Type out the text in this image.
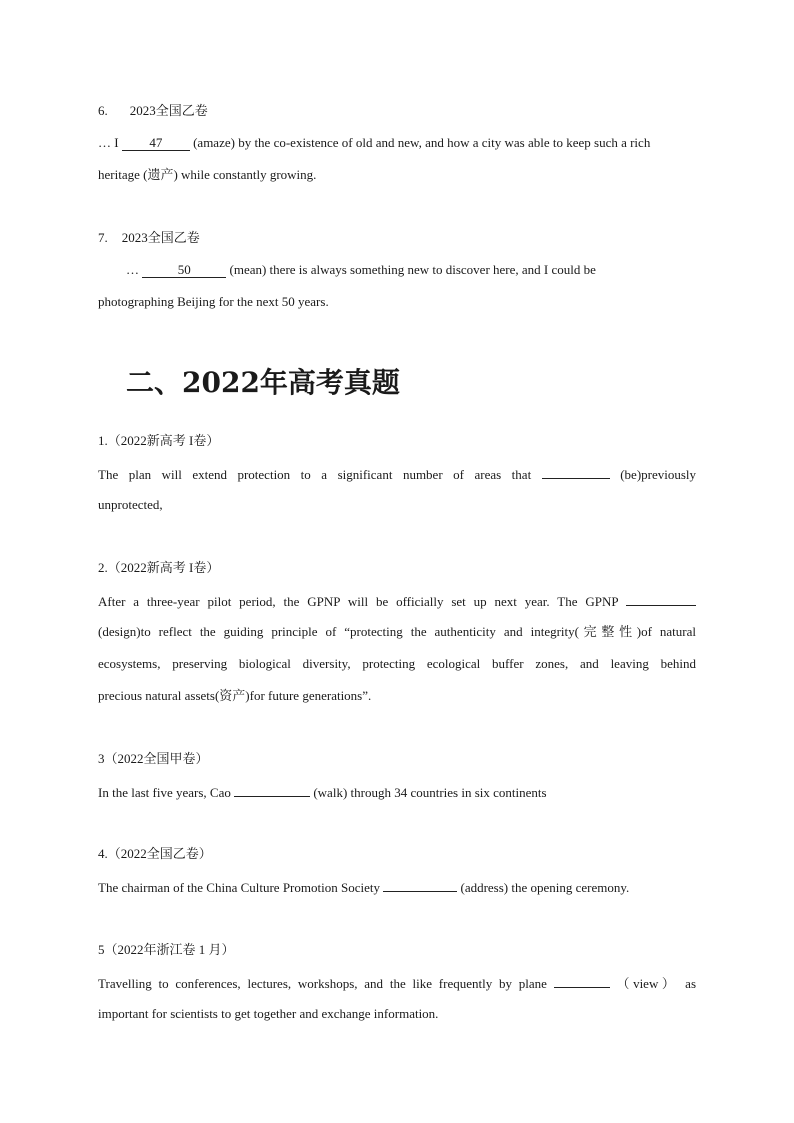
6. 2023全国乙卷
… I 47 (amaze) by the co-existence of old and new, and how a city was able to keep such a rich
heritage (遗产) while constantly growing.
7. 2023全国乙卷
…	50	(mean) there is always something new to discover here, and I could be
photographing Beijing for the next 50 years.
二、2022年高考真题
1.（2022新高考 I卷）
The plan will extend protection to a significant number of areas that	(be)previously
unprotected,
2.（2022新高考 I卷）
After a three-year pilot period, the GPNP will be officially set up next year. The GPNP
(design)to reflect the guiding principle of “protecting the authenticity and integrity(完整性)of natural
ecosystems, preserving biological diversity, protecting ecological buffer zones, and leaving behind
precious natural assets(资产)for future generations”.
3（2022全国甲卷）
In the last five years, Cao	(walk) through 34 countries in six continents
4.（2022全国乙卷）
The chairman of the China Culture Promotion Society	(address) the opening ceremony.
5（2022年浙江卷 1 月）
Travelling to conferences, lectures, workshops, and the like frequently by plane	（view） as
important for scientists to get together and exchange information.
